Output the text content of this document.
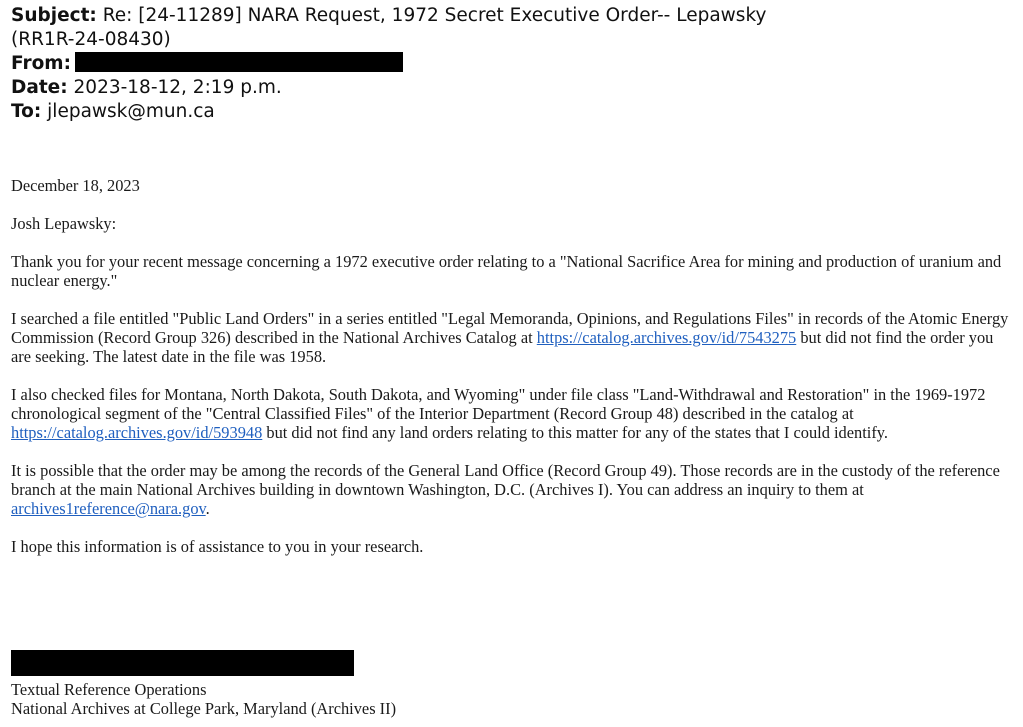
Subject: Re: [24-11289] NARA Request, 1972 Secret Executive Order-- Lepawsky
(RR1R-24-08430)
From:
Date: 2023-18-12, 2:19 p.m.
To: jlepawsk@mun.ca

December 18, 2023

Josh Lepawsky:

Thank you for your recent message concerning a 1972 executive order relating to a "National Sacrifice Area for mining and production of uranium and nuclear energy."

I searched a file entitled "Public Land Orders" in a series entitled "Legal Memoranda, Opinions, and Regulations Files" in records of the Atomic Energy Commission (Record Group 326) described in the National Archives Catalog at https://catalog.archives.gov/id/7543275 but did not find the order you are seeking. The latest date in the file was 1958.

I also checked files for Montana, North Dakota, South Dakota, and Wyoming" under file class "Land-Withdrawal and Restoration" in the 1969-1972 chronological segment of the "Central Classified Files" of the Interior Department (Record Group 48) described in the catalog at https://catalog.archives.gov/id/593948 but did not find any land orders relating to this matter for any of the states that I could identify.

It is possible that the order may be among the records of the General Land Office (Record Group 49). Those records are in the custody of the reference branch at the main National Archives building in downtown Washington, D.C. (Archives I). You can address an inquiry to them at archives1reference@nara.gov.

I hope this information is of assistance to you in your research.

Textual Reference Operations
National Archives at College Park, Maryland (Archives II)
